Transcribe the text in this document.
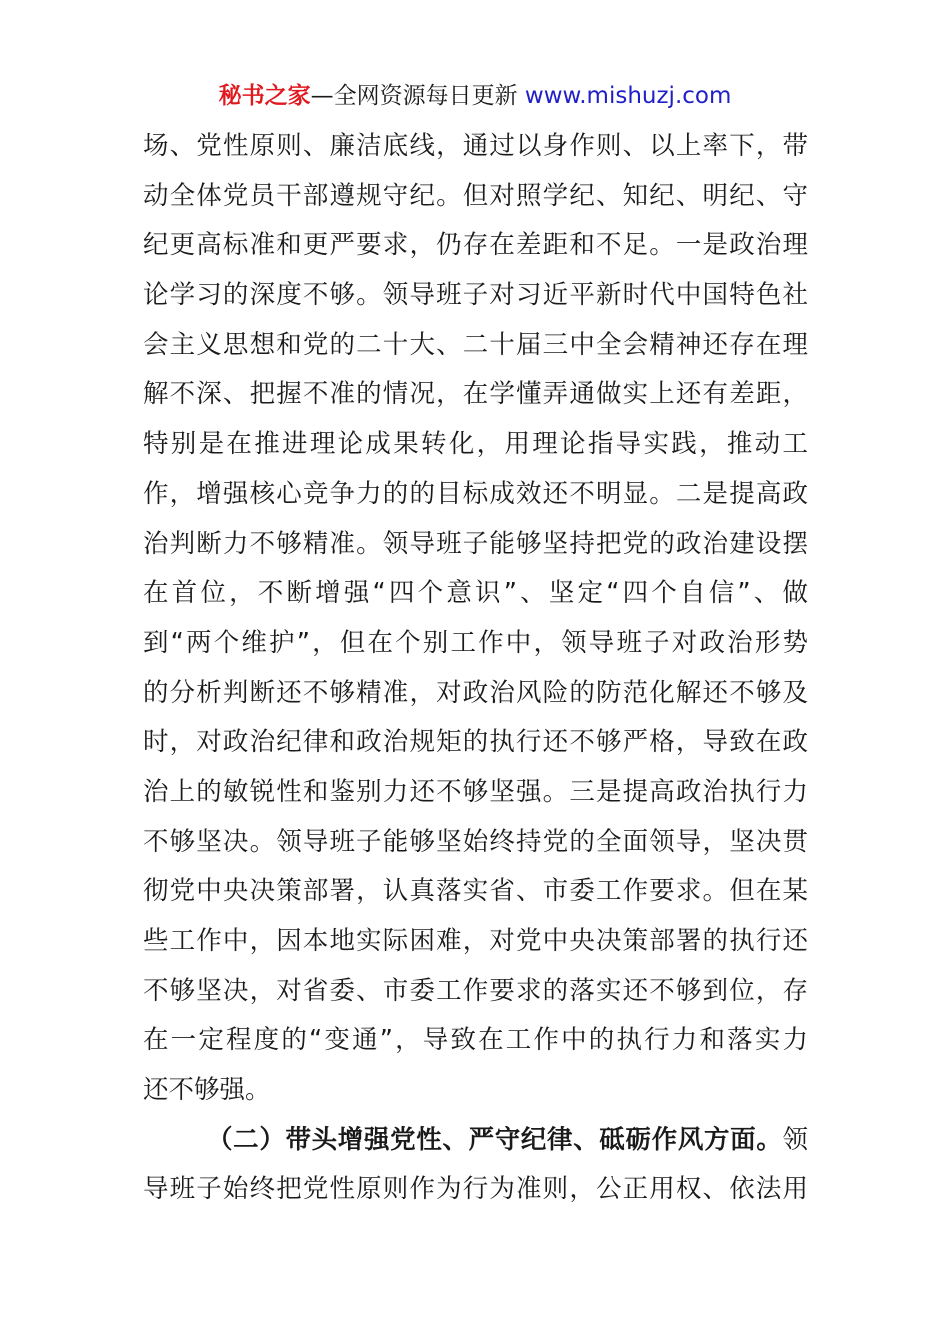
秘书之家—全网资源每日更新 www.mishuzj.com
场、党性原则、廉洁底线，通过以身作则、以上率下，带
动全体党员干部遵规守纪。但对照学纪、知纪、明纪、守
纪更高标准和更严要求，仍存在差距和不足。一是政治理
论学习的深度不够。领导班子对习近平新时代中国特色社
会主义思想和党的二十大、二十届三中全会精神还存在理
解不深、把握不准的情况，在学懂弄通做实上还有差距，
特别是在推进理论成果转化，用理论指导实践，推动工
作，增强核心竞争力的的目标成效还不明显。二是提高政
治判断力不够精准。领导班子能够坚持把党的政治建设摆
在首位，不断增强“四个意识”、坚定“四个自信”、做
到“两个维护”，但在个别工作中，领导班子对政治形势
的分析判断还不够精准，对政治风险的防范化解还不够及
时，对政治纪律和政治规矩的执行还不够严格，导致在政
治上的敏锐性和鉴别力还不够坚强。三是提高政治执行力
不够坚决。领导班子能够坚始终持党的全面领导，坚决贯
彻党中央决策部署，认真落实省、市委工作要求。但在某
些工作中，因本地实际困难，对党中央决策部署的执行还
不够坚决，对省委、市委工作要求的落实还不够到位，存
在一定程度的“变通”，导致在工作中的执行力和落实力
还不够强。
（二）带头增强党性、严守纪律、砥砺作风方面。领
导班子始终把党性原则作为行为准则，公正用权、依法用
